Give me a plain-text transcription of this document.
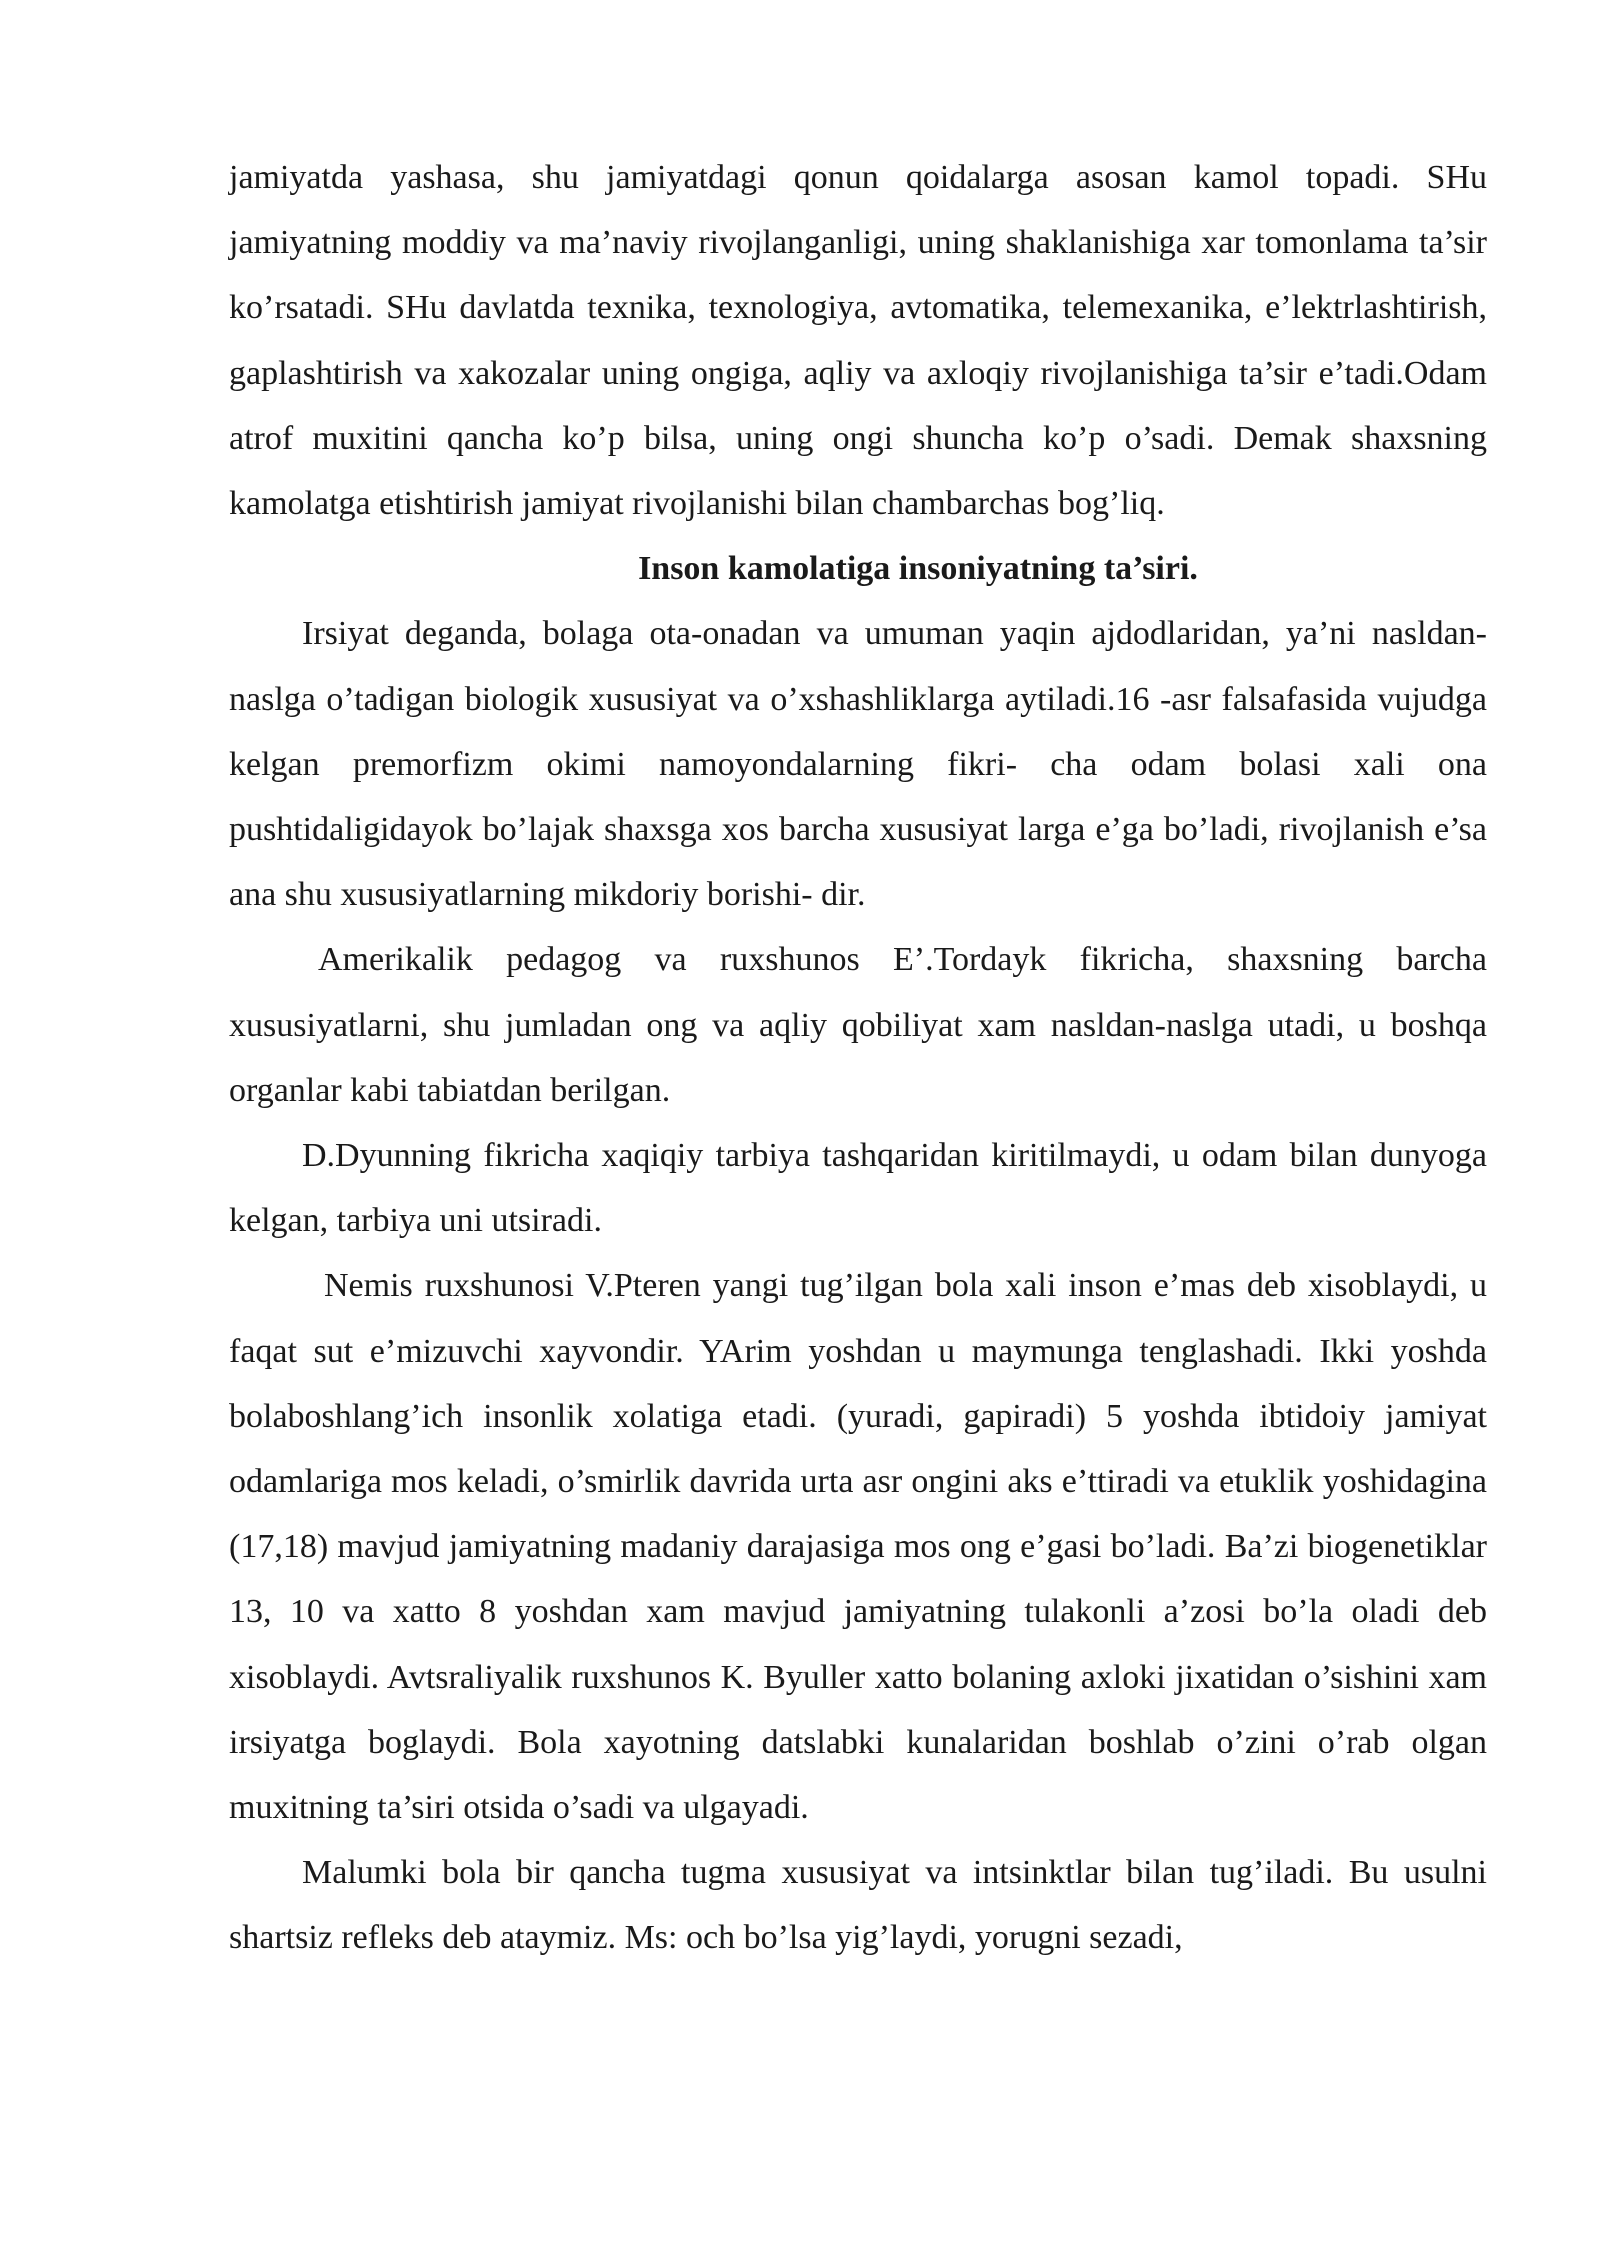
jamiyatda yashasa, shu jamiyatdagi qonun qoidalarga asosan kamol topadi. SHu jamiyatning moddiy va ma’naviy rivojlanganligi, uning shaklanishiga xar tomonlama ta’sir ko’rsatadi. SHu davlatda texnika, texnologiya, avtomatika, telemexanika, e’lektrlashtirish, gaplashtirish va xakozalar uning ongiga, aqliy va axloqiy rivojlanishiga ta’sir e’tadi.Odam atrof muxitini qancha ko’p bilsa, uning ongi shuncha ko’p o’sadi. Demak shaxsning kamolatga etishtirish jamiyat rivojlanishi bilan chambarchas bog’liq.

Inson kamolatiga insoniyatning ta’siri.

Irsiyat deganda, bolaga ota-onadan va umuman yaqin ajdodlaridan, ya’ni nasldan-naslga o’tadigan biologik xususiyat va o’xshashliklarga aytiladi.16 -asr falsafasida vujudga kelgan premorfizm okimi namoyondalarning fikri- cha odam bolasi xali ona pushtidaligidayok bo’lajak shaxsga xos barcha xususiyat larga e’ga bo’ladi, rivojlanish e’sa ana shu xususiyatlarning mikdoriy borishi- dir.

Amerikalik pedagog va ruxshunos E’.Tordayk fikricha, shaxsning barcha xususiyatlarni, shu jumladan ong va aqliy qobiliyat xam nasldan-naslga utadi, u boshqa organlar kabi tabiatdan berilgan.

D.Dyunning fikricha xaqiqiy tarbiya tashqaridan kiritilmaydi, u odam bilan dunyoga kelgan, tarbiya uni utsiradi.

Nemis ruxshunosi V.Pteren yangi tug’ilgan bola xali inson e’mas deb xisoblaydi, u faqat sut e’mizuvchi xayvondir. YArim yoshdan u maymunga tenglashadi. Ikki yoshda bolaboshlang’ich insonlik xolatiga etadi. (yuradi, gapiradi) 5 yoshda ibtidoiy jamiyat odamlariga mos keladi, o’smirlik davrida urta asr ongini aks e’ttiradi va etuklik yoshidagina (17,18) mavjud jamiyatning madaniy darajasiga mos ong e’gasi bo’ladi. Ba’zi biogenetiklar 13, 10 va xatto 8 yoshdan xam mavjud jamiyatning tulakonli a’zosi bo’la oladi deb xisoblaydi. Avtsraliyalik ruxshunos K. Byuller xatto bolaning axloki jixatidan o’sishini xam irsiyatga boglaydi. Bola xayotning datslabki kunalaridan boshlab o’zini o’rab olgan muxitning ta’siri otsida o’sadi va ulgayadi.

Malumki bola bir qancha tugma xususiyat va intsinktlar bilan tug’iladi. Bu usulni shartsiz refleks deb ataymiz. Ms: och bo’lsa yig’laydi, yorugni sezadi,
